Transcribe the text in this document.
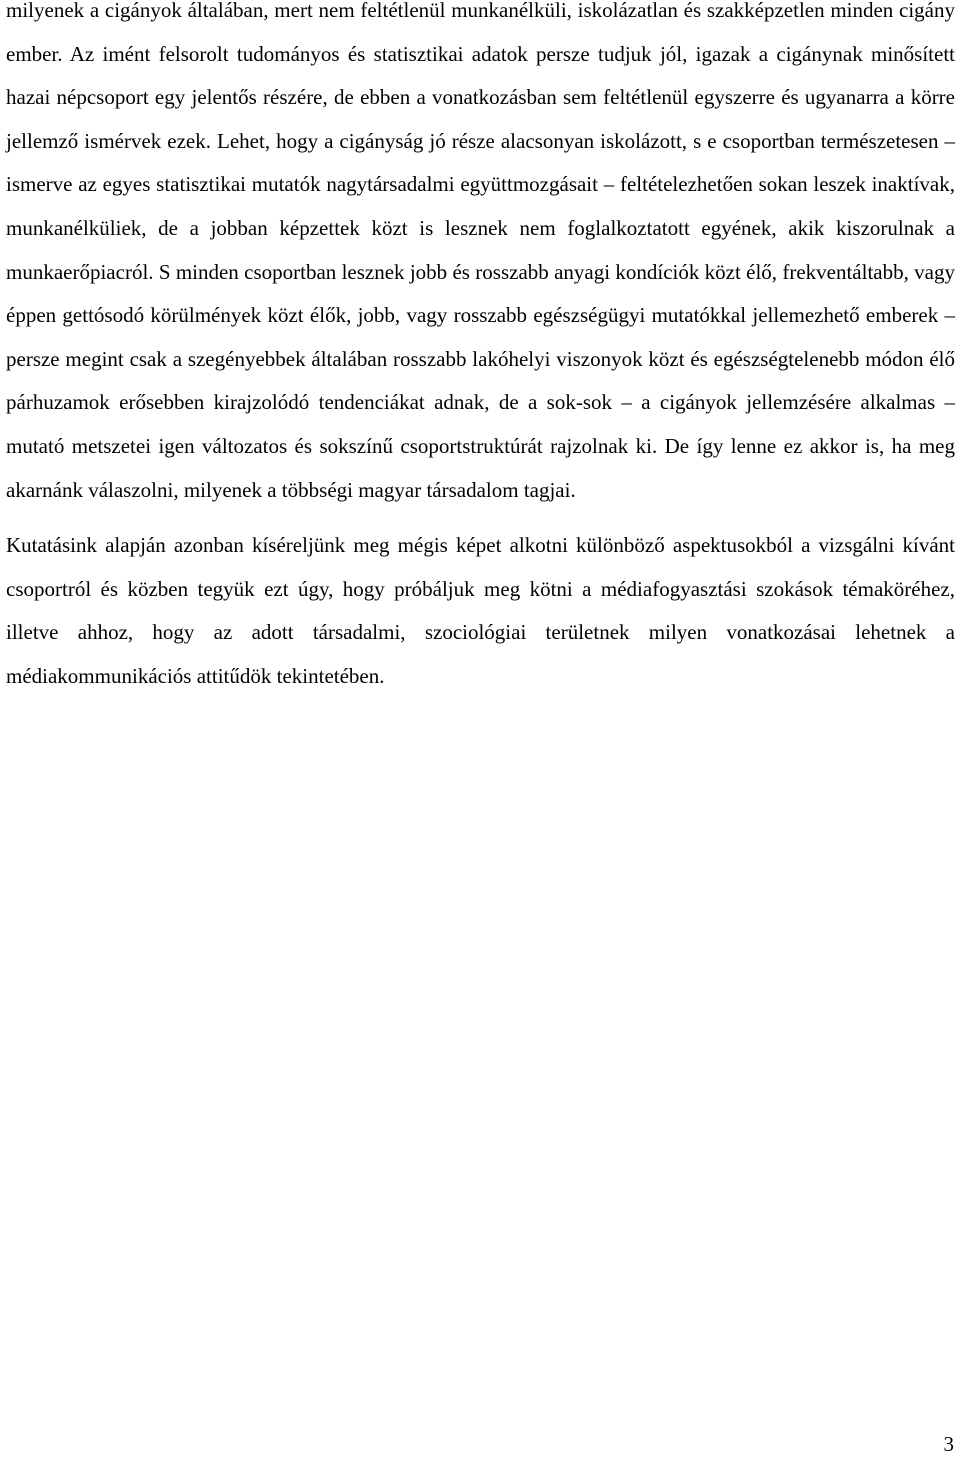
milyenek a cigányok általában, mert nem feltétlenül munkanélküli, iskolázatlan és szakképzetlen minden cigány ember. Az imént felsorolt tudományos és statisztikai adatok persze tudjuk jól, igazak a cigánynak minősített hazai népcsoport egy jelentős részére, de ebben a vonatkozásban sem feltétlenül egyszerre és ugyanarra a körre jellemző ismérvek ezek. Lehet, hogy a cigányság jó része alacsonyan iskolázott, s e csoportban természetesen – ismerve az egyes statisztikai mutatók nagytársadalmi együttmozgásait – feltételezhetően sokan leszek inaktívak, munkanélküliek, de a jobban képzettek közt is lesznek nem foglalkoztatott egyének, akik kiszorulnak a munkaerőpiacról. S minden csoportban lesznek jobb és rosszabb anyagi kondíciók közt élő, frekventáltabb, vagy éppen gettósodó körülmények közt élők, jobb, vagy rosszabb egészségügyi mutatókkal jellemezhető emberek – persze megint csak a szegényebbek általában rosszabb lakóhelyi viszonyok közt és egészségtelenebb módon élő párhuzamok erősebben kirajzolódó tendenciákat adnak, de a sok-sok – a cigányok jellemzésére alkalmas – mutató metszetei igen változatos és sokszínű csoportstruktúrát rajzolnak ki. De így lenne ez akkor is, ha meg akarnánk válaszolni, milyenek a többségi magyar társadalom tagjai.

Kutatásink alapján azonban kíséreljünk meg mégis képet alkotni különböző aspektusokból a vizsgálni kívánt csoportról és közben tegyük ezt úgy, hogy próbáljuk meg kötni a médiafogyasztási szokások témaköréhez, illetve ahhoz, hogy az adott társadalmi, szociológiai területnek milyen vonatkozásai lehetnek a médiakommunikációs attitűdök tekintetében.

3
